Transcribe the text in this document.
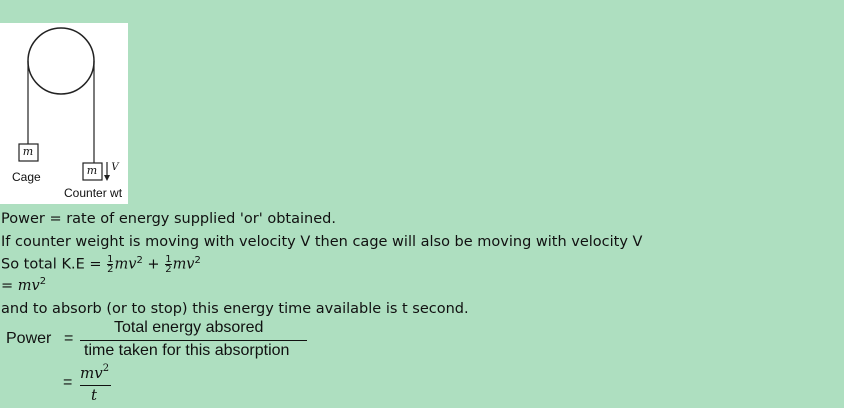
m
Cage	m	V
Counter wt
Power = rate of energy supplied 'or' obtained.
If counter weight is moving with velocity V then cage will also be moving with velocity V
So total $K.E = \frac{1}{2} mv^2 + \frac{1}{2} mv^2$
= $mv^2$
and to absorb (or to stop) this energy time available is t second.
Power =
Total energy absored
time taken for this absorption
=
$mv^2$
t
